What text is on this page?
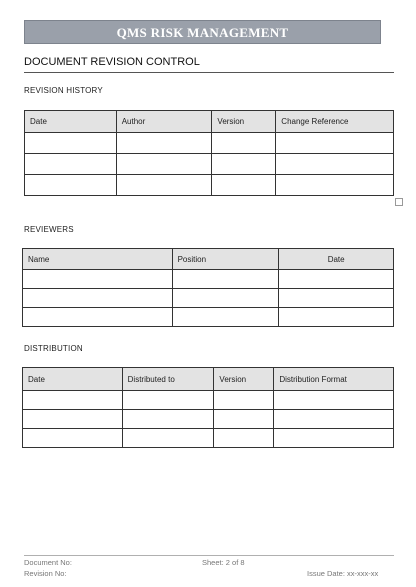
QMS RISK MANAGEMENT
DOCUMENT REVISION CONTROL
REVISION HISTORY
Date	Author	Version	Change Reference

REVIEWERS
Name	Position	Date

DISTRIBUTION
Date	Distributed to	Version	Distribution Format

Document No:
Revision No:
Sheet: 2 of 8
Issue Date: xx-xxx-xx
